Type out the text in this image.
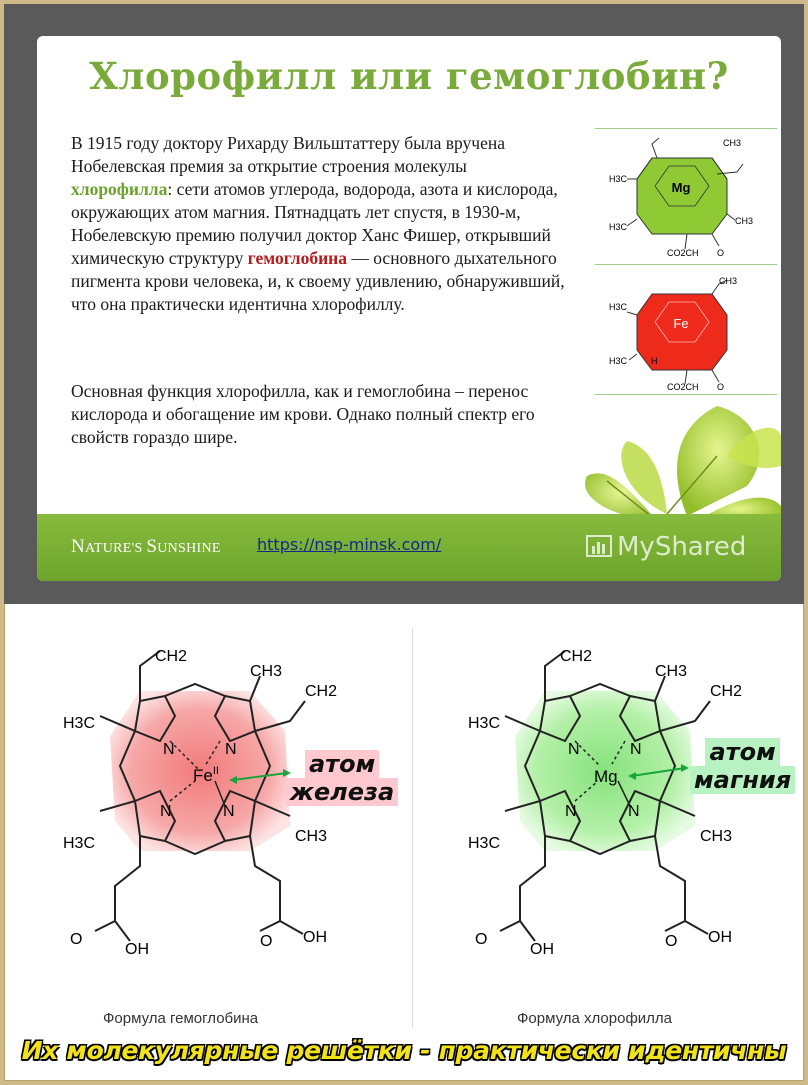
Хлорофилл или гемоглобин?
В 1915 году доктору Рихарду Вильштаттеру была вручена Нобелевская премия за открытие строения молекулы хлорофилла: сети атомов углерода, водорода, азота и кислорода, окружающих атом магния. Пятнадцать лет спустя, в 1930-м, Нобелевскую премию получил доктор Ханс Фишер, открывший химическую структуру гемоглобина — основного дыхательного пигмента крови человека, и, к своему удивлению, обнаруживший, что она практически идентична хлорофиллу.
Основная функция хлорофилла, как и гемоглобина – перенос кислорода и обогащение им крови. Однако полный спектр его свойств гораздо шире.
Mg
H3C
CH3
H3C
CH3
CO2CH O
Fe
CH3
H3C
H3C	H
CO2CH O
NATURE'S SUNSHINE https://nsp-minsk.com/	MyShared
N	N
N	N
$Fe^{II}$
CH2
CH3
CH2
H3C
H3C	CH3
O
OH	O OH
атом
железа
Формула гемоглобина
N	N
N	N
Mg
CH2
CH3
CH2
H3C
H3C	CH3
O
OH	O OH
атом
магния
Формула хлорофилла
Их молекулярные решётки - практически идентичны
